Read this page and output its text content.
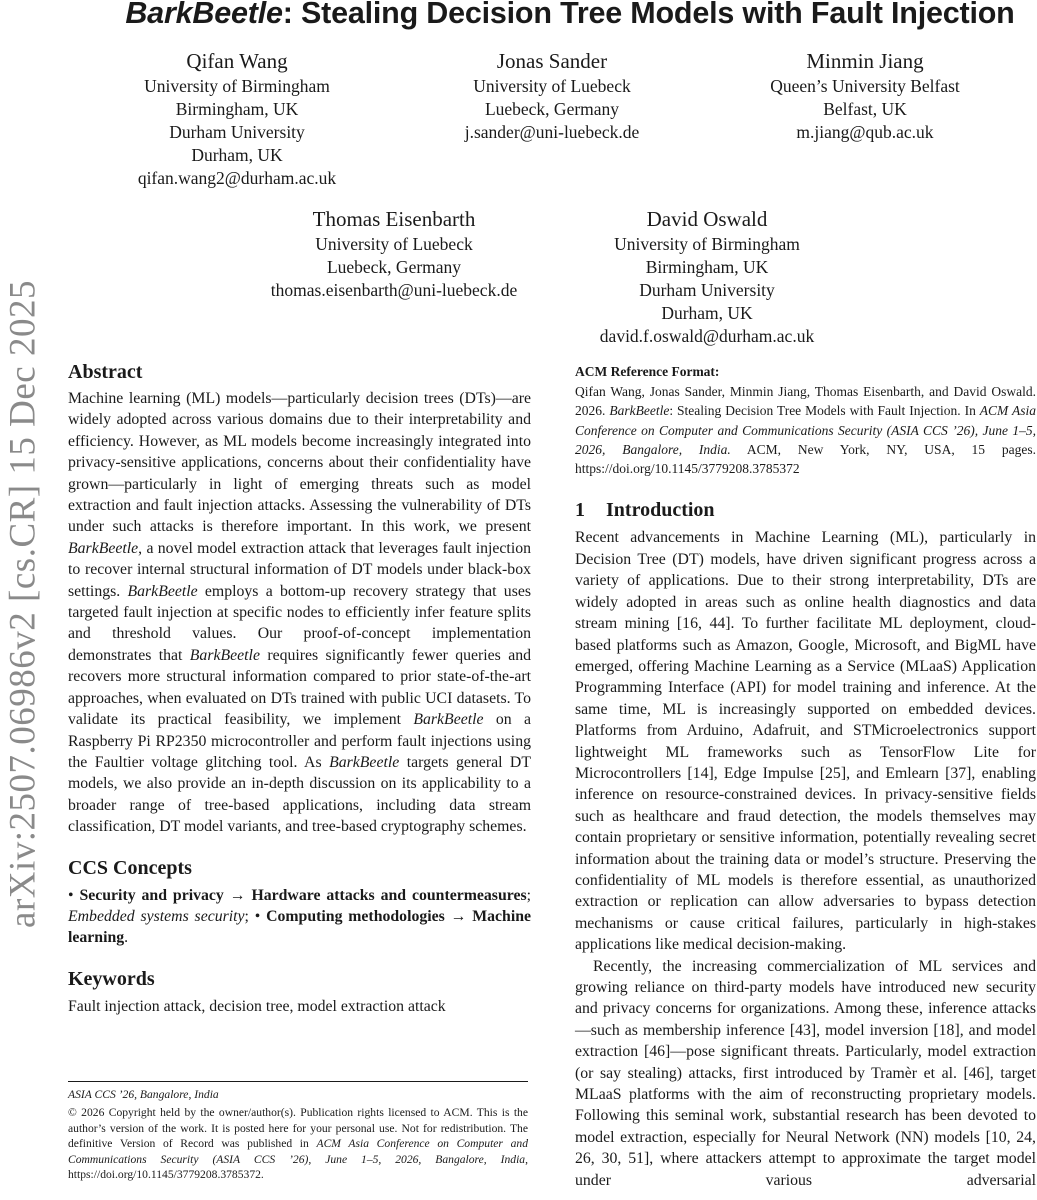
BarkBeetle: Stealing Decision Tree Models with Fault Injection
Qifan Wang
University of Birmingham
Birmingham, UK
Durham University
Durham, UK
qifan.wang2@durham.ac.uk
Jonas Sander
University of Luebeck
Luebeck, Germany
j.sander@uni-luebeck.de
Minmin Jiang
Queen’s University Belfast
Belfast, UK
m.jiang@qub.ac.uk
Thomas Eisenbarth
University of Luebeck
Luebeck, Germany
thomas.eisenbarth@uni-luebeck.de
David Oswald
University of Birmingham
Birmingham, UK
Durham University
Durham, UK
david.f.oswald@durham.ac.uk
arXiv:2507.06986v2 [cs.CR] 15 Dec 2025 Abstract

Machine learning (ML) models—particularly decision trees (DTs)—are widely adopted across various domains due to their interpretability and efficiency. However, as ML models become increasingly integrated into privacy-sensitive applications, concerns about their confidentiality have grown—particularly in light of emerging threats such as model extraction and fault injection attacks. Assessing the vulnerability of DTs under such attacks is therefore important. In this work, we present BarkBeetle, a novel model extraction attack that leverages fault injection to recover internal structural information of DT models under black-box settings. BarkBeetle employs a bottom-up recovery strategy that uses targeted fault injection at specific nodes to efficiently infer feature splits and threshold values. Our proof-of-concept implementation demonstrates that BarkBeetle requires significantly fewer queries and recovers more structural information compared to prior state-of-the-art approaches, when evaluated on DTs trained with public UCI datasets. To validate its practical feasibility, we implement BarkBeetle on a Raspberry Pi RP2350 microcontroller and perform fault injections using the Faultier voltage glitching tool. As BarkBeetle targets general DT models, we also provide an in-depth discussion on its applicability to a broader range of tree-based applications, including data stream classification, DT model variants, and tree-based cryptography schemes.

CCS Concepts

• Security and privacy → Hardware attacks and countermeasures; Embedded systems security; • Computing methodologies → Machine learning.

Keywords

Fault injection attack, decision tree, model extraction attack

ASIA CCS ’26, Bangalore, India
© 2026 Copyright held by the owner/author(s). Publication rights licensed to ACM. This is the author’s version of the work. It is posted here for your personal use. Not for redistribution. The definitive Version of Record was published in ACM Asia Conference on Computer and Communications Security (ASIA CCS ’26), June 1–5, 2026, Bangalore, India, https://doi.org/10.1145/3779208.3785372.
ACM Reference Format:

Qifan Wang, Jonas Sander, Minmin Jiang, Thomas Eisenbarth, and David Oswald. 2026. BarkBeetle: Stealing Decision Tree Models with Fault Injection. In ACM Asia Conference on Computer and Communications Security (ASIA CCS ’26), June 1–5, 2026, Bangalore, India. ACM, New York, NY, USA, 15 pages. https://doi.org/10.1145/3779208.3785372

1 Introduction

Recent advancements in Machine Learning (ML), particularly in Decision Tree (DT) models, have driven significant progress across a variety of applications. Due to their strong interpretability, DTs are widely adopted in areas such as online health diagnostics and data stream mining [16, 44]. To further facilitate ML deployment, cloud-based platforms such as Amazon, Google, Microsoft, and BigML have emerged, offering Machine Learning as a Service (MLaaS) Application Programming Interface (API) for model training and inference. At the same time, ML is increasingly supported on embedded devices. Platforms from Arduino, Adafruit, and STMicroelectronics support lightweight ML frameworks such as TensorFlow Lite for Microcontrollers [14], Edge Impulse [25], and Emlearn [37], enabling inference on resource-constrained devices. In privacy-sensitive fields such as healthcare and fraud detection, the models themselves may contain proprietary or sensitive information, potentially revealing secret information about the training data or model’s structure. Preserving the confidentiality of ML models is therefore essential, as unauthorized extraction or replication can allow adversaries to bypass detection mechanisms or cause critical failures, particularly in high-stakes applications like medical decision-making.

Recently, the increasing commercialization of ML services and growing reliance on third-party models have introduced new security and privacy concerns for organizations. Among these, inference attacks—such as membership inference [43], model inversion [18], and model extraction [46]—pose significant threats. Particularly, model extraction (or say stealing) attacks, first introduced by Tramèr et al. [46], target MLaaS platforms with the aim of reconstructing proprietary models. Following this seminal work, substantial research has been devoted to model extraction, especially for Neural Network (NN) models [10, 24, 26, 30, 51], where attackers attempt to approximate the target model under various adversarial
